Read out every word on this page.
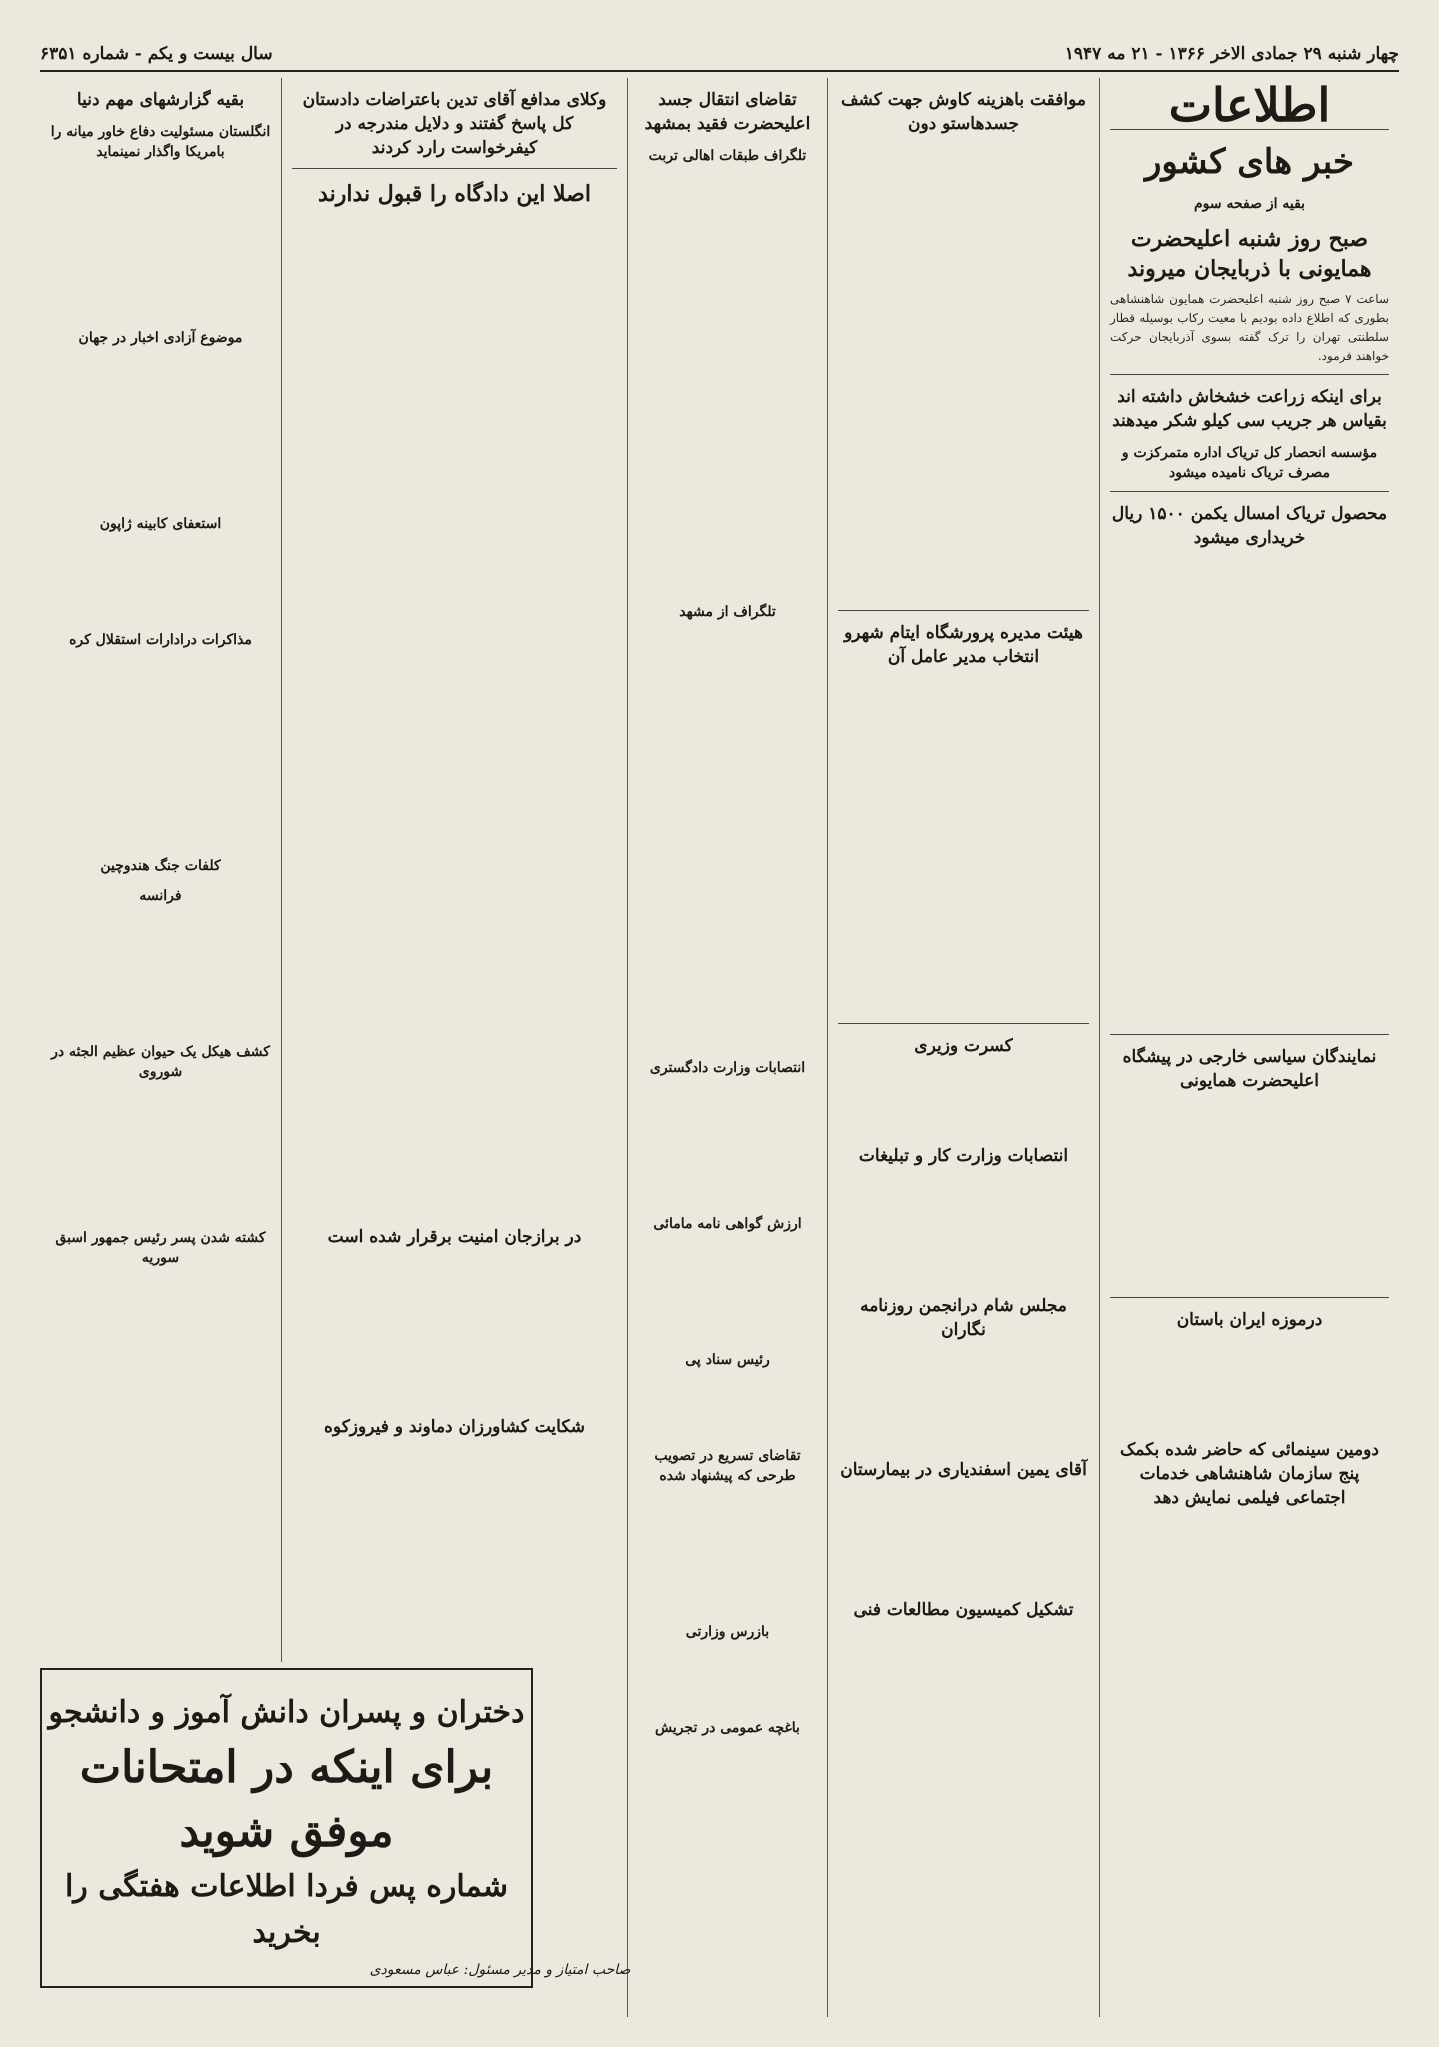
چهار شنبه ۲۹ جمادی الاخر ۱۳۶۶ - ۲۱ مه ۱۹۴۷
سال بیست و یکم - شماره ۶۳۵۱
اطلاعات
خبر های کشور
بقیه از صفحه سوم
صبح روز شنبه اعلیحضرت همایونی با ذربایجان میروند

ساعت ۷ صبح روز شنبه اعلیحضرت همایون شاهنشاهی بطوری که اطلاع داده بودیم با معیت رکاب بوسیله قطار سلطنتی تهران را ترک گفته بسوی آذربایجان حرکت خواهند فرمود.

برای اینکه زراعت خشخاش داشته اند بقیاس هر جریب سی کیلو شکر میدهند
مؤسسه انحصار کل تریاک اداره متمرکزت و مصرف تریاک نامیده میشود
محصول تریاک امسال یکمن ۱۵۰۰ ریال خریداری میشود
نمایندگان سیاسی خارجی در پیشگاه اعلیحضرت همایونی
درموزه ایران باستان
دومین سینمائی که حاضر شده بکمک پنج سازمان شاهنشاهی خدمات اجتماعی فیلمی نمایش دهد
موافقت باهزینه کاوش جهت کشف جسدهاستو دون
هیئت مدیره پرورشگاه ایتام شهرو انتخاب مدیر عامل آن
کسرت وزیری
انتصابات وزارت کار و تبلیغات
مجلس شام درانجمن روزنامه نگاران
آقای یمین اسفندیاری در بیمارستان
تشکیل کمیسیون مطالعات فنی
تقاضای انتقال جسد اعلیحضرت فقید بمشهد
تلگراف طبقات اهالی تربت
تلگراف از مشهد
انتصابات وزارت دادگستری
ارزش گواهی نامه مامائی
رئیس سناد پی
تقاضای تسریع در تصویب طرحی که پیشنهاد شده
بازرس وزارتی
باغچه عمومی در تجریش
وکلای مدافع آقای تدین باعتراضات دادستان کل پاسخ گفتند و دلایل مندرجه در کیفرخواست رارد کردند
اصلا این دادگاه را قبول ندارند
در برازجان امنیت برقرار شده است
شکایت کشاورزان دماوند و فیروزکوه
بقیه گزارشهای مهم دنیا
انگلستان مسئولیت دفاع خاور میانه را بامریکا واگذار نمینماید
موضوع آزادی اخبار در جهان
استعفای کابینه ژاپون
مذاکرات درادارات استقلال کره
کلفات جنگ هندوچین
فرانسه
کشف هیکل یک حیوان عظیم الجثه در شوروی
کشته شدن پسر رئیس جمهور اسبق سوریه
دختران و پسران دانش آموز و دانشجو
برای اینکه در امتحانات
موفق شوید
شماره پس فردا اطلاعات هفتگی را بخرید
صاحب امتیاز و مدیر مسئول: عباس مسعودی
